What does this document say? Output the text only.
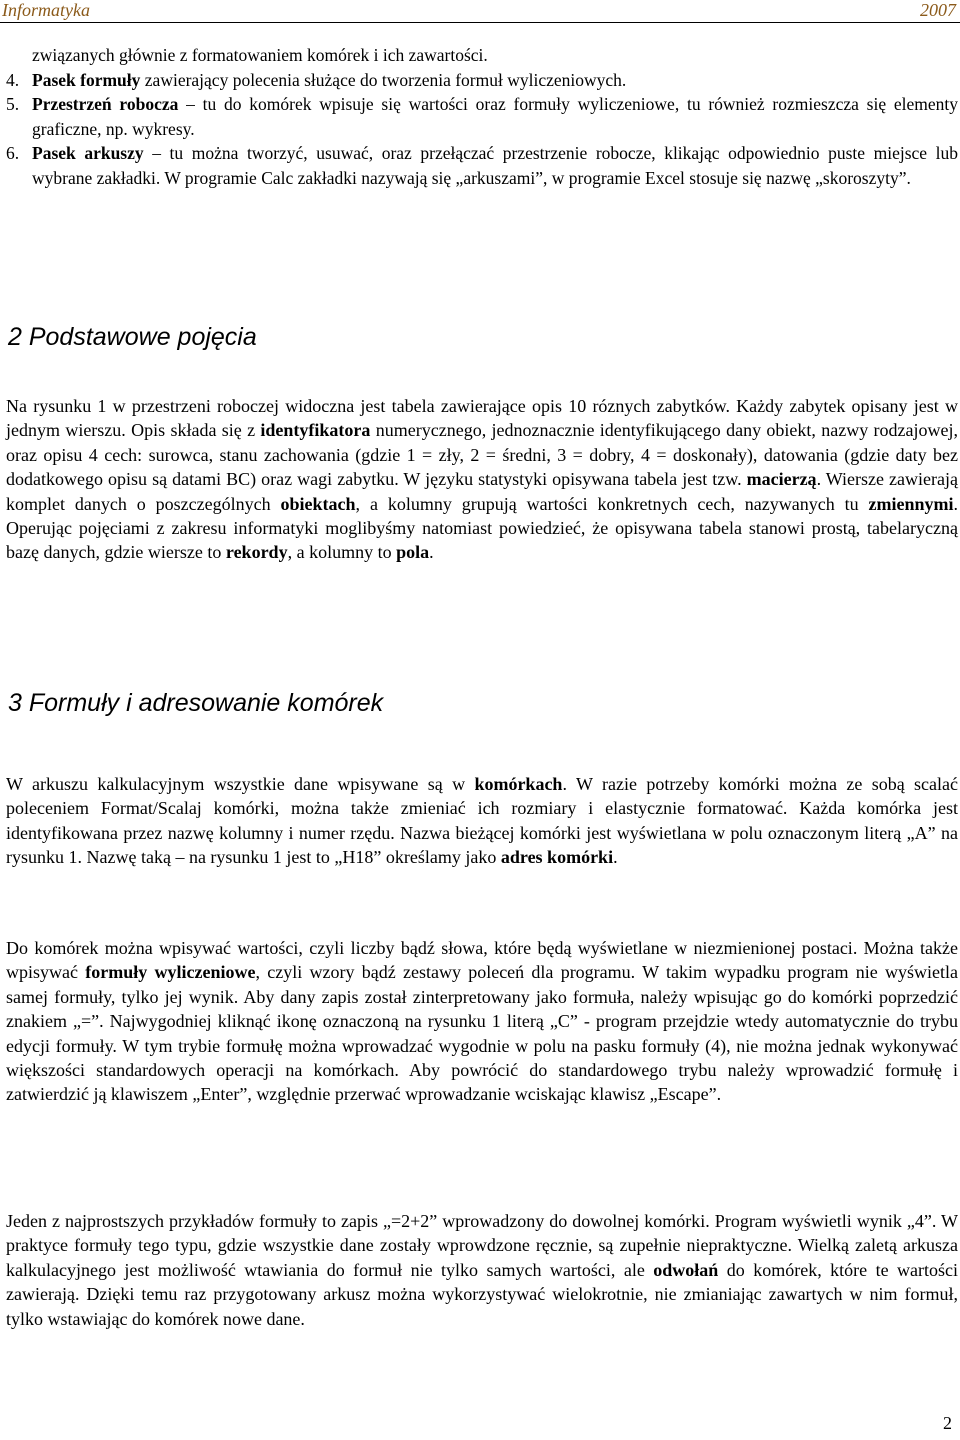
Informatyka	2007
związanych głównie z formatowaniem komórek i ich zawartości.
4. Pasek formuły zawierający polecenia służące do tworzenia formuł wyliczeniowych.
5. Przestrzeń robocza – tu do komórek wpisuje się wartości oraz formuły wyliczeniowe, tu również rozmieszcza się elementy graficzne, np. wykresy.
6. Pasek arkuszy – tu można tworzyć, usuwać, oraz przełączać przestrzenie robocze, klikając odpowiednio puste miejsce lub wybrane zakładki. W programie Calc zakładki nazywają się „arkuszami”, w programie Excel stosuje się nazwę „skoroszyty”.
2 Podstawowe pojęcia
Na rysunku 1 w przestrzeni roboczej widoczna jest tabela zawierające opis 10 róznych zabytków. Każdy zabytek opisany jest w jednym wierszu. Opis składa się z identyfikatora numerycznego, jednoznacznie identyfikującego dany obiekt, nazwy rodzajowej, oraz opisu 4 cech: surowca, stanu zachowania (gdzie 1 = zły, 2 = średni, 3 = dobry, 4 = doskonały), datowania (gdzie daty bez dodatkowego opisu są datami BC) oraz wagi zabytku. W języku statystyki opisywana tabela jest tzw. macierzą. Wiersze zawierają komplet danych o poszczególnych obiektach, a kolumny grupują wartości konkretnych cech, nazywanych tu zmiennymi. Operując pojęciami z zakresu informatyki moglibyśmy natomiast powiedzieć, że opisywana tabela stanowi prostą, tabelaryczną bazę danych, gdzie wiersze to rekordy, a kolumny to pola.
3 Formuły i adresowanie komórek
W arkuszu kalkulacyjnym wszystkie dane wpisywane są w komórkach. W razie potrzeby komórki można ze sobą scalać poleceniem Format/Scalaj komórki, można także zmieniać ich rozmiary i elastycznie formatować. Każda komórka jest identyfikowana przez nazwę kolumny i numer rzędu. Nazwa bieżącej komórki jest wyświetlana w polu oznaczonym literą „A” na rysunku 1. Nazwę taką – na rysunku 1 jest to „H18” określamy jako adres komórki.
Do komórek można wpisywać wartości, czyli liczby bądź słowa, które będą wyświetlane w niezmienionej postaci. Można także wpisywać formuły wyliczeniowe, czyli wzory bądź zestawy poleceń dla programu. W takim wypadku program nie wyświetla samej formuły, tylko jej wynik. Aby dany zapis został zinterpretowany jako formuła, należy wpisując go do komórki poprzedzić znakiem „=”. Najwygodniej kliknąć ikonę oznaczoną na rysunku 1 literą „C” - program przejdzie wtedy automatycznie do trybu edycji formuły. W tym trybie formułę można wprowadzać wygodnie w polu na pasku formuły (4), nie można jednak wykonywać większości standardowych operacji na komórkach. Aby powrócić do standardowego trybu należy wprowadzić formułę i zatwierdzić ją klawiszem „Enter”, względnie przerwać wprowadzanie wciskając klawisz „Escape”.
Jeden z najprostszych przykładów formuły to zapis „=2+2” wprowadzony do dowolnej komórki. Program wyświetli wynik „4”. W praktyce formuły tego typu, gdzie wszystkie dane zostały wprowdzone ręcznie, są zupełnie niepraktyczne. Wielką zaletą arkusza kalkulacyjnego jest możliwość wtawiania do formuł nie tylko samych wartości, ale odwołań do komórek, które te wartości zawierają. Dzięki temu raz przygotowany arkusz można wykorzystywać wielokrotnie, nie zmianiając zawartych w nim formuł, tylko wstawiając do komórek nowe dane.
2
